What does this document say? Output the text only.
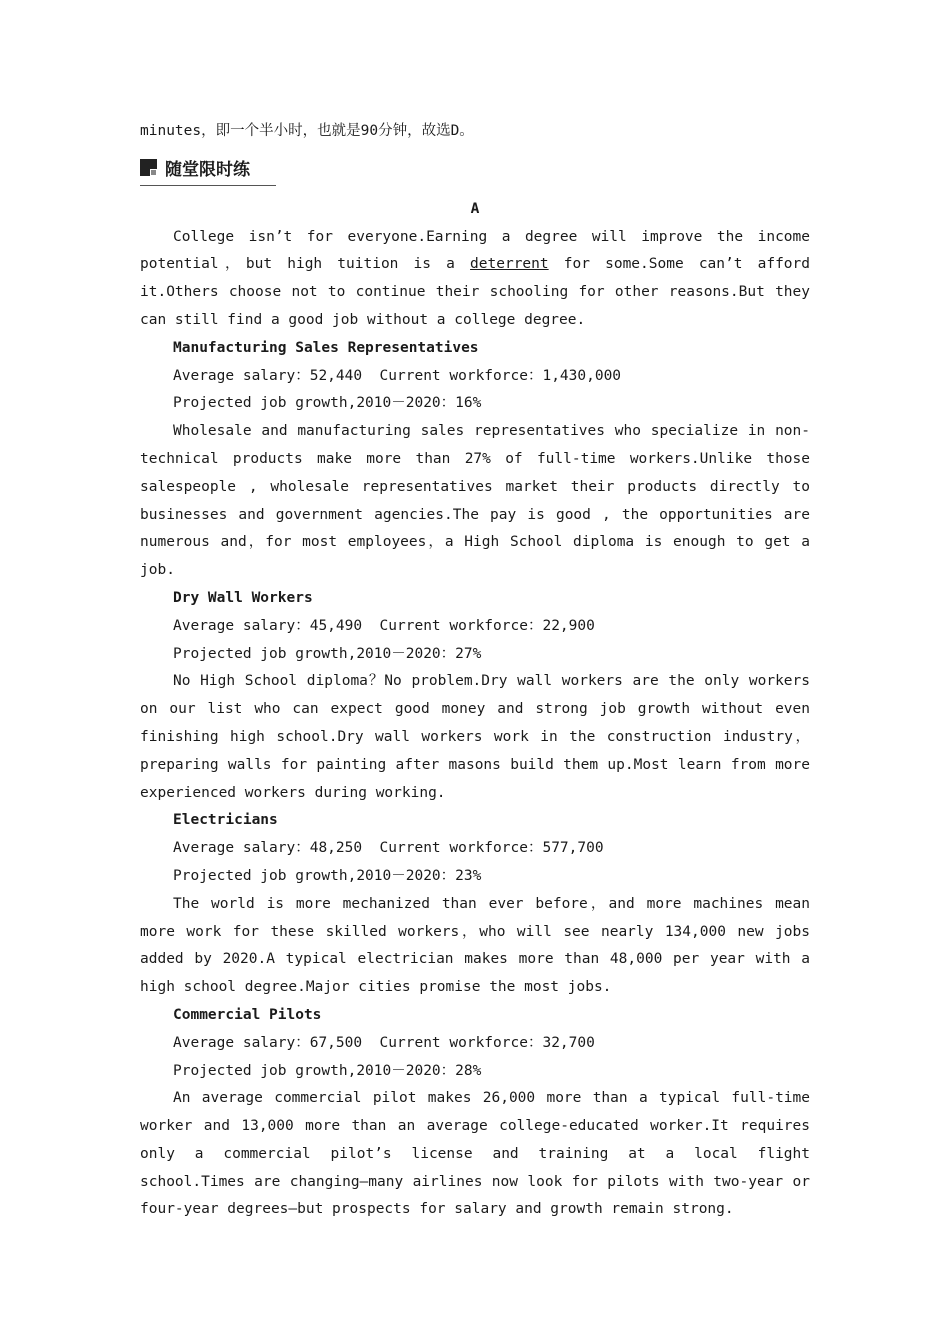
minutes，即一个半小时，也就是90分钟，故选D。
随堂限时练
A

College isn’t for everyone.Earning a degree will improve the income potential，but high tuition is a deterrent for some.Some can’t afford it.Others choose not to continue their schooling for other reasons.But they can still find a good job without a college degree.

Manufacturing Sales Representatives
Average salary：52,440  Current workforce：1,430,000
Projected job growth,2010－2020：16%

Wholesale and manufacturing sales representatives who specialize in non-technical products make more than 27% of full-time workers.Unlike those salespeople , wholesale representatives market their products directly to businesses and government agencies.The pay is good , the opportunities are numerous and，for most employees，a High School diploma is enough to get a job.

Dry Wall Workers
Average salary：45,490  Current workforce：22,900
Projected job growth,2010－2020：27%

No High School diploma？No problem.Dry wall workers are the only workers on our list who can expect good money and strong job growth without even finishing high school.Dry wall workers work in the construction industry，preparing walls for painting after masons build them up.Most learn from more experienced workers during working.

Electricians
Average salary：48,250  Current workforce：577,700
Projected job growth,2010－2020：23%

The world is more mechanized than ever before，and more machines mean more work for these skilled workers，who will see nearly 134,000 new jobs added by 2020.A typical electrician makes more than 48,000 per year with a high school degree.Major cities promise the most jobs.

Commercial Pilots
Average salary：67,500  Current workforce：32,700
Projected job growth,2010－2020：28%

An average commercial pilot makes 26,000 more than a typical full-time worker and 13,000 more than an average college-educated worker.It requires only a commercial pilot’s license and training at a local flight school.Times are changing—many airlines now look for pilots with two-year or four-year degrees—but prospects for salary and growth remain strong.
